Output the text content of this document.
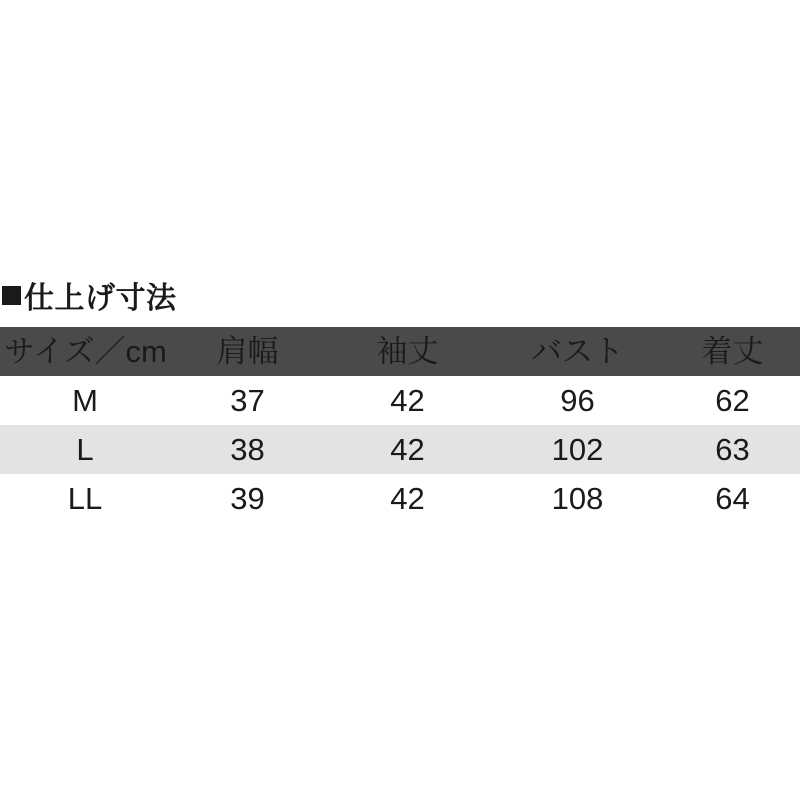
仕上げ寸法
サイズ／cm	肩幅	袖丈	バスト	着丈
M	37	42	96	62
L	38	42	102	63
LL	39	42	108	64
